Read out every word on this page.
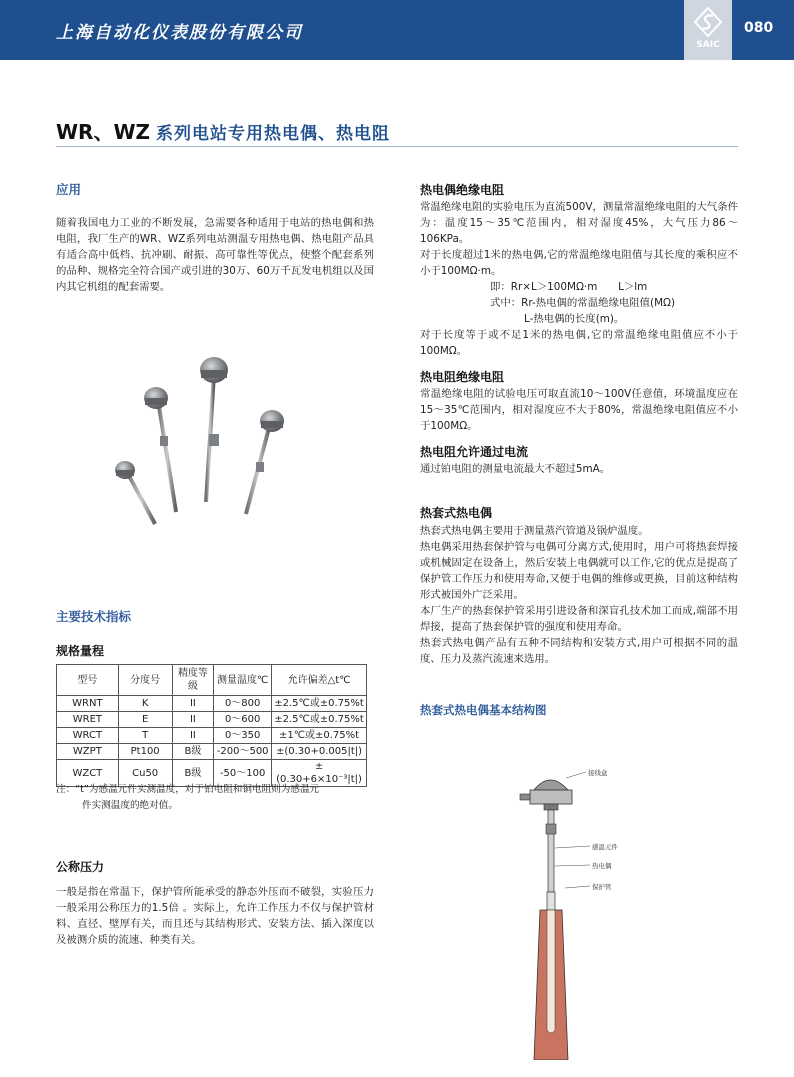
上海自动化仪表股份有限公司
SAIC
080
WR、WZ 系列电站专用热电偶、热电阻
应用
随着我国电力工业的不断发展，急需要各种适用于电站的热电偶和热电阻，我厂生产的WR、WZ系列电站测温专用热电偶、热电阻产品具有适合高中低档、抗冲刷、耐振、高可靠性等优点，使整个配套系列的品种、规格完全符合国产或引进的30万、60万千瓦发电机组以及国内其它机组的配套需要。
主要技术指标
规格量程
型号	分度号	精度等级	测量温度℃	允许偏差△t℃
WRNT	K	II	0～800	±2.5℃或±0.75%t
WRET	E	II	0～600	±2.5℃或±0.75%t
WRCT	T	II	0～350	±1℃或±0.75%t
WZPT	Pt100	B级	-200～500	±(0.30+0.005|t|)
WZCT	Cu50	B级	-50～100	±(0.30+6×10⁻³|t|)
注：“t”为感温元件实测温度，对于铂电阻和铜电阻则为感温元
件实测温度的绝对值。
公称压力
一般是指在常温下，保护管所能承受的静态外压而不破裂，实验压力一般采用公称压力的1.5倍 。实际上，允许工作压力不仅与保护管材料、直径、壁厚有关，而且还与其结构形式、安装方法、插入深度以及被测介质的流速、种类有关。
热电偶绝缘电阻

常温绝缘电阻的实验电压为直流500V，测量常温绝缘电阻的大气条件为：温度15～35℃范围内，相对湿度45%，大气压力86～106KPa。

对于长度超过1米的热电偶,它的常温绝缘电阻值与其长度的乘积应不小于100MΩ·m。

即：Rr×L＞100MΩ·m　　L＞lm

式中：Rr-热电偶的常温绝缘电阻值(MΩ)

L-热电偶的长度(m)。

对于长度等于或不足1米的热电偶,它的常温绝缘电阻值应不小于100MΩ。

热电阻绝缘电阻
常温绝缘电阻的试验电压可取直流10～100V任意值，环境温度应在15～35℃范围内，相对湿度应不大于80%，常温绝缘电阻值应不小于100MΩ。
热电阻允许通过电流
通过铂电阻的测量电流最大不超过5mA。
热套式热电偶

热套式热电偶主要用于测量蒸汽管道及锅炉温度。

热电偶采用热套保护管与电偶可分离方式,使用时，用户可将热套焊接或机械固定在设备上，然后安装上电偶就可以工作,它的优点是提高了保护管工作压力和使用寿命,又便于电偶的维修或更换，目前这种结构形式被国外广泛采用。

本厂生产的热套保护管采用引进设备和深盲孔技术加工而成,端部不用焊接，提高了热套保护管的强度和使用寿命。

热套式热电偶产品有五种不同结构和安装方式,用户可根据不同的温度、压力及蒸汽流速来选用。

热套式热电偶基本结构图
接线盒
感温元件
热电偶
保护管
